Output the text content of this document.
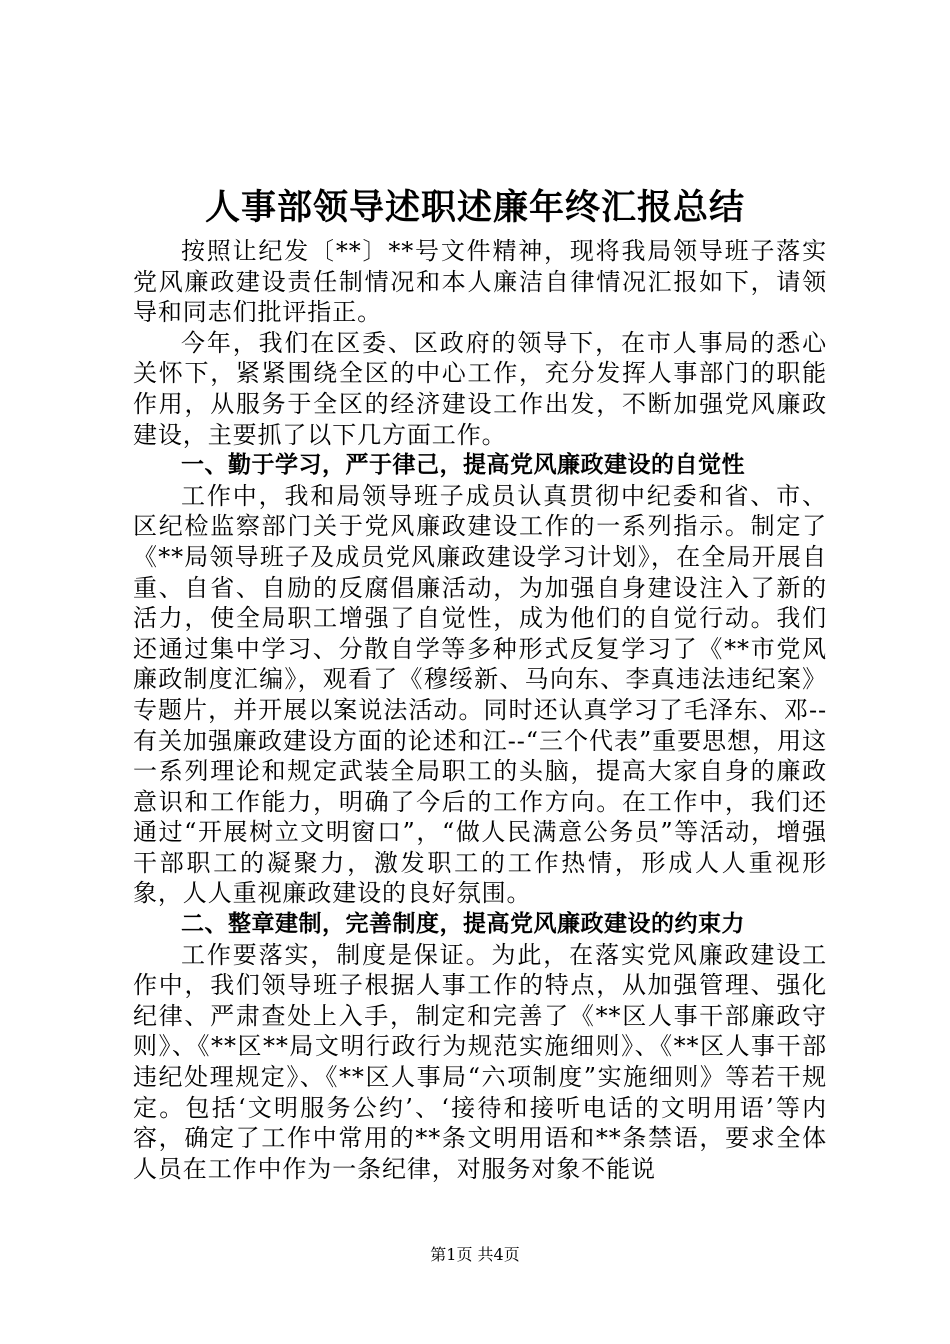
人事部领导述职述廉年终汇报总结

按照让纪发〔**〕**号文件精神，现将我局领导班子落实党风廉政建设责任制情况和本人廉洁自律情况汇报如下，请领导和同志们批评指正。

今年，我们在区委、区政府的领导下，在市人事局的悉心关怀下，紧紧围绕全区的中心工作，充分发挥人事部门的职能作用，从服务于全区的经济建设工作出发，不断加强党风廉政建设，主要抓了以下几方面工作。

一、勤于学习，严于律己，提高党风廉政建设的自觉性

工作中，我和局领导班子成员认真贯彻中纪委和省、市、区纪检监察部门关于党风廉政建设工作的一系列指示。制定了《**局领导班子及成员党风廉政建设学习计划》，在全局开展自重、自省、自励的反腐倡廉活动，为加强自身建设注入了新的活力，使全局职工增强了自觉性，成为他们的自觉行动。我们还通过集中学习、分散自学等多种形式反复学习了《**市党风廉政制度汇编》，观看了《穆绥新、马向东、李真违法违纪案》专题片，并开展以案说法活动。同时还认真学习了毛泽东、邓--有关加强廉政建设方面的论述和江--“三个代表”重要思想，用这一系列理论和规定武装全局职工的头脑，提高大家自身的廉政意识和工作能力，明确了今后的工作方向。在工作中，我们还通过“开展树立文明窗口”，“做人民满意公务员”等活动，增强干部职工的凝聚力，激发职工的工作热情，形成人人重视形象，人人重视廉政建设的良好氛围。

二、整章建制，完善制度，提高党风廉政建设的约束力

工作要落实，制度是保证。为此，在落实党风廉政建设工作中，我们领导班子根据人事工作的特点，从加强管理、强化纪律、严肃查处上入手，制定和完善了《**区人事干部廉政守则》、《**区**局文明行政行为规范实施细则》、《**区人事干部违纪处理规定》、《**区人事局“六项制度”实施细则》等若干规定。包括‘文明服务公约’、‘接待和接听电话的文明用语’等内容，确定了工作中常用的**条文明用语和**条禁语，要求全体人员在工作中作为一条纪律，对服务对象不能说

第1页 共4页
